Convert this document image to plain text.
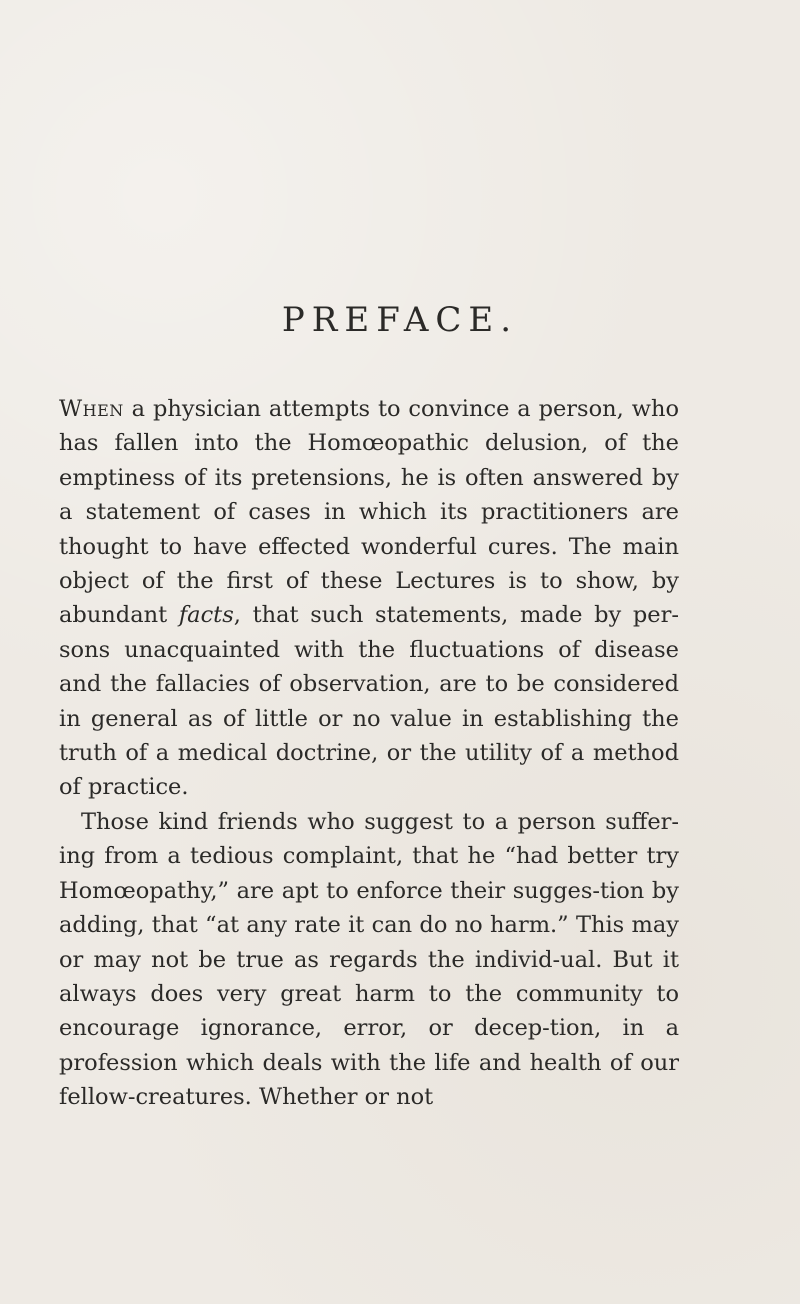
PREFACE.

When a physician attempts to convince a person, who has fallen into the Homœopathic delusion, of the emptiness of its pretensions, he is often answered by a statement of cases in which its practitioners are thought to have effected wonderful cures. The main object of the first of these Lectures is to show, by abundant facts, that such statements, made by per-sons unacquainted with the fluctuations of disease and the fallacies of observation, are to be considered in general as of little or no value in establishing the truth of a medical doctrine, or the utility of a method of practice.

Those kind friends who suggest to a person suffer-ing from a tedious complaint, that he “had better try Homœopathy,” are apt to enforce their sugges-tion by adding, that “at any rate it can do no harm.” This may or may not be true as regards the individ-ual. But it always does very great harm to the community to encourage ignorance, error, or decep-tion, in a profession which deals with the life and health of our fellow-creatures. Whether or not
